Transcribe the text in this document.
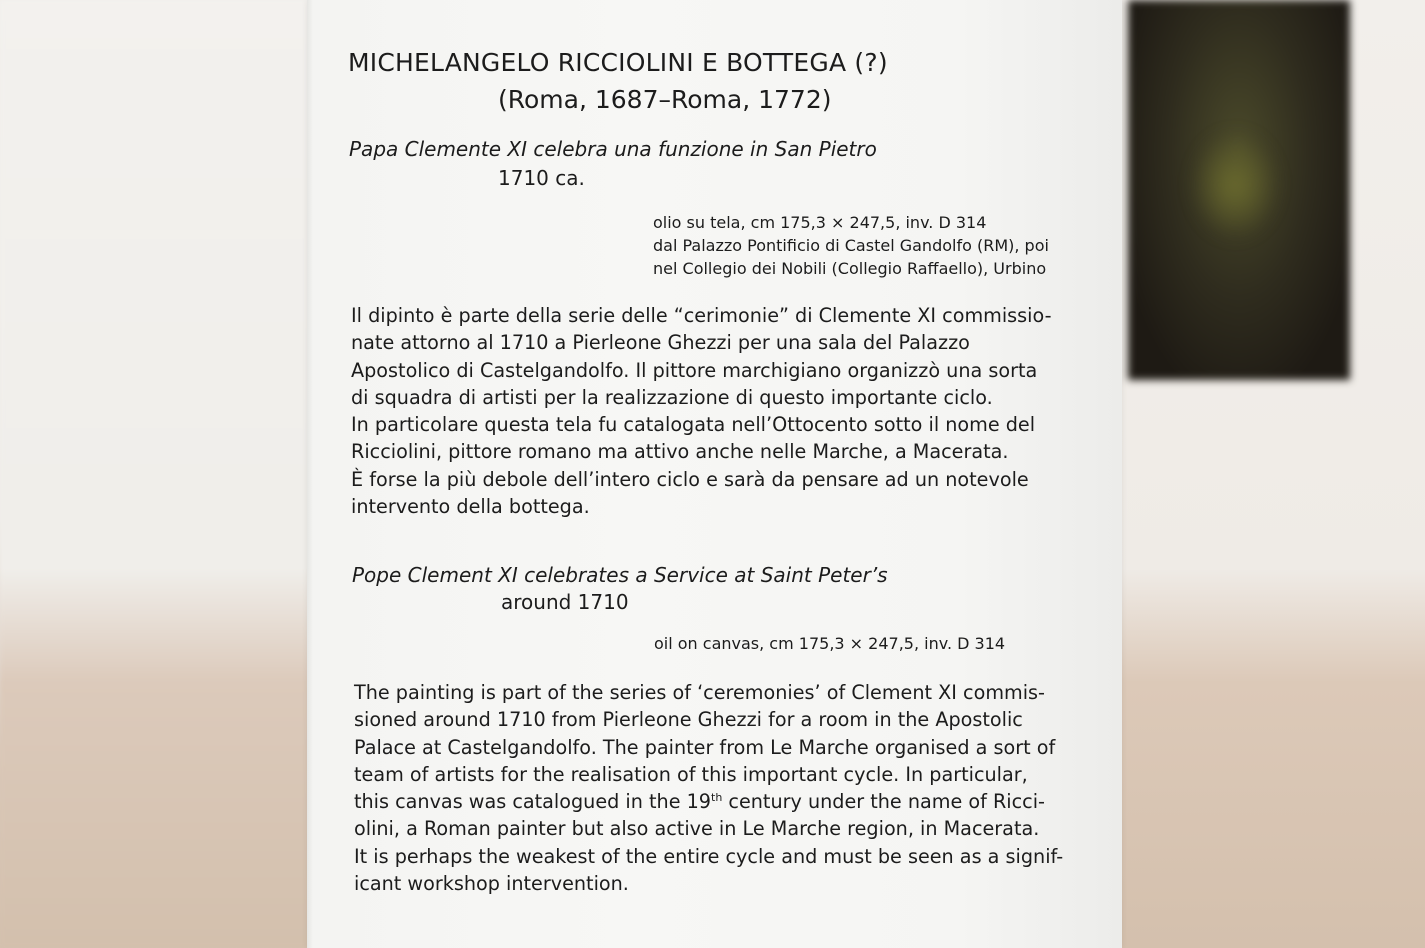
MICHELANGELO RICCIOLINI E BOTTEGA (?)

(Roma, 1687–Roma, 1772)

Papa Clemente XI celebra una funzione in San Pietro

1710 ca.

olio su tela, cm 175,3 × 247,5, inv. D 314
dal Palazzo Pontificio di Castel Gandolfo (RM), poi
nel Collegio dei Nobili (Collegio Raffaello), Urbino
Il dipinto è parte della serie delle “cerimonie” di Clemente XI commissio-
nate attorno al 1710 a Pierleone Ghezzi per una sala del Palazzo
Apostolico di Castelgandolfo. Il pittore marchigiano organizzò una sorta
di squadra di artisti per la realizzazione di questo importante ciclo.
In particolare questa tela fu catalogata nell’Ottocento sotto il nome del
Ricciolini, pittore romano ma attivo anche nelle Marche, a Macerata.
È forse la più debole dell’intero ciclo e sarà da pensare ad un notevole
intervento della bottega.

Pope Clement XI celebrates a Service at Saint Peter’s

around 1710

oil on canvas, cm 175,3 × 247,5, inv. D 314

The painting is part of the series of ‘ceremonies’ of Clement XI commis-
sioned around 1710 from Pierleone Ghezzi for a room in the Apostolic
Palace at Castelgandolfo. The painter from Le Marche organised a sort of
team of artists for the realisation of this important cycle. In particular,
this canvas was catalogued in the 19th century under the name of Ricci-
olini, a Roman painter but also active in Le Marche region, in Macerata.
It is perhaps the weakest of the entire cycle and must be seen as a signif-
icant workshop intervention.
